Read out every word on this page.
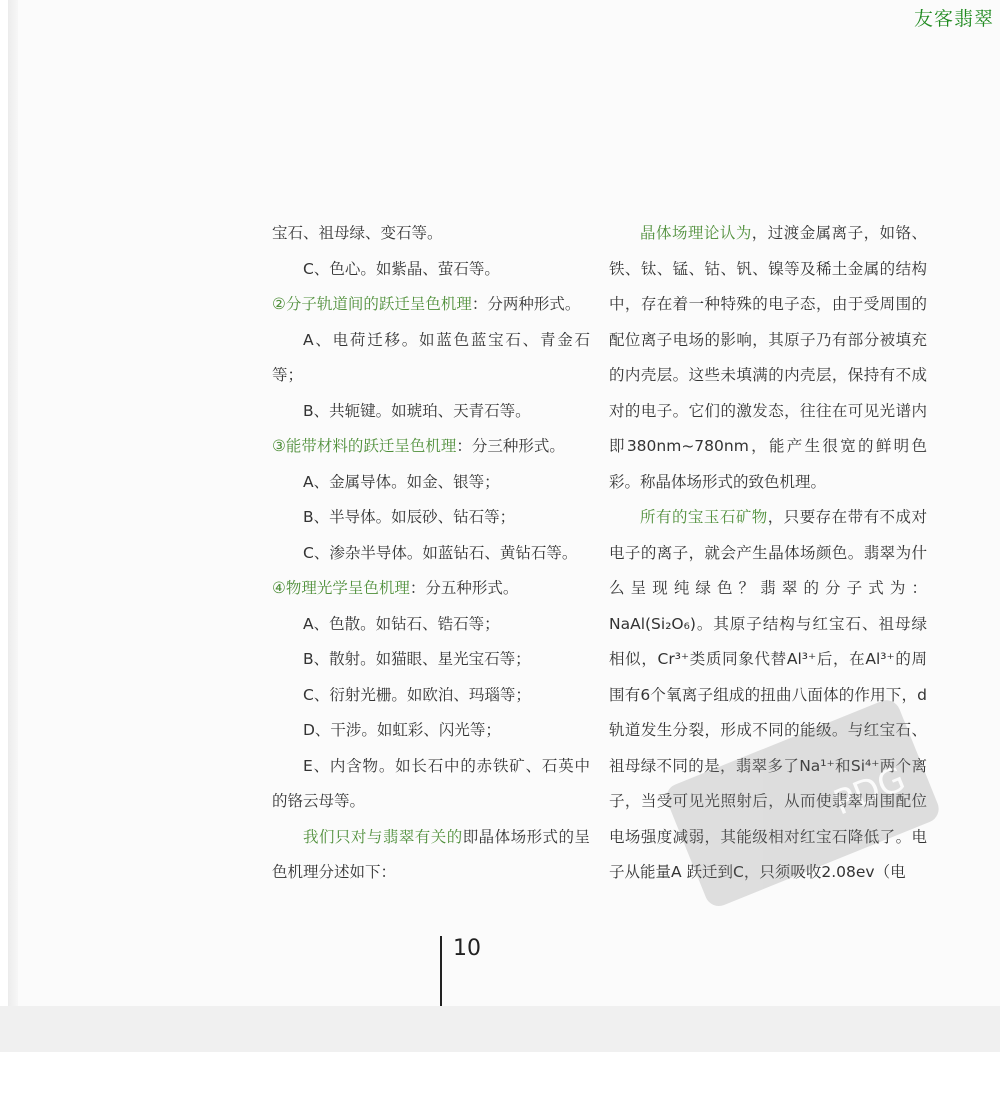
友客翡翠

宝石、祖母绿、变石等。

C、色心。如紫晶、萤石等。

②分子轨道间的跃迁呈色机理：分两种形式。

A、电荷迁移。如蓝色蓝宝石、青金石等；

B、共轭键。如琥珀、天青石等。

③能带材料的跃迁呈色机理：分三种形式。

A、金属导体。如金、银等；

B、半导体。如辰砂、钻石等；

C、渗杂半导体。如蓝钻石、黄钻石等。

④物理光学呈色机理：分五种形式。

A、色散。如钻石、锆石等；

B、散射。如猫眼、星光宝石等；

C、衍射光栅。如欧泊、玛瑙等；

D、干涉。如虹彩、闪光等；

E、内含物。如长石中的赤铁矿、石英中的铬云母等。

我们只对与翡翠有关的即晶体场形式的呈色机理分述如下：

晶体场理论认为，过渡金属离子，如铬、铁、钛、锰、钴、钒、镍等及稀土金属的结构中，存在着一种特殊的电子态，由于受周围的配位离子电场的影响，其原子乃有部分被填充的内壳层。这些未填满的内壳层，保持有不成对的电子。它们的激发态，往往在可见光谱内即380nm~780nm，能产生很宽的鲜明色彩。称晶体场形式的致色机理。

所有的宝玉石矿物，只要存在带有不成对电子的离子，就会产生晶体场颜色。翡翠为什么呈现纯绿色？翡翠的分子式为：NaAl(Si₂O₆)。其原子结构与红宝石、祖母绿相似，Cr³⁺类质同象代替Al³⁺后，在Al³⁺的周围有6个氧离子组成的扭曲八面体的作用下，d轨道发生分裂，形成不同的能级。与红宝石、祖母绿不同的是，翡翠多了Na¹⁺和Si⁴⁺两个离子，当受可见光照射后，从而使翡翠周围配位电场强度减弱，其能级相对红宝石降低了。电子从能量A 跃迁到C，只须吸收2.08ev（电

PDG
10
